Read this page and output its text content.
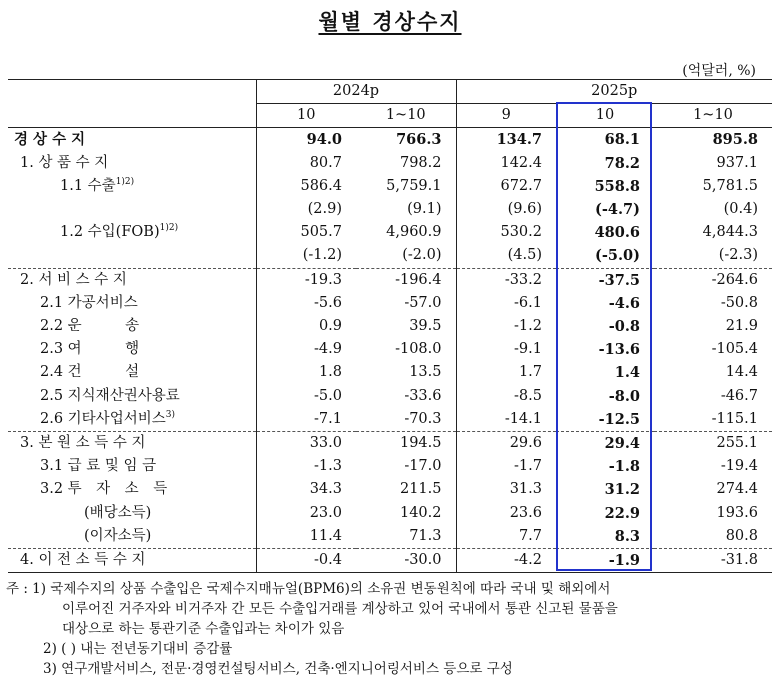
월별 경상수지
(억달러, %)
	2024p		2025p		
	10	1~10	9	10	1~10
경 상 수 지	94.0	766.3	134.7	68.1	895.8
1. 상 품 수 지	80.7	798.2	142.4	78.2	937.1
1.1 수출$^{1)2)}$	586.4	5,759.1	672.7	558.8	5,781.5
	(2.9)	(9.1)	(9.6)	(-4.7)	(0.4)
1.2 수입(FOB)$^{1)2)}$	505.7	4,960.9	530.2	480.6	4,844.3
	(-1.2)	(-2.0)	(4.5)	(-5.0)	(-2.3)
2. 서 비 스 수 지	-19.3	-196.4	-33.2	-37.5	-264.6
2.1 가공서비스	-5.6	-57.0	-6.1	-4.6	-50.8
2.2 운　　　송	0.9	39.5	-1.2	-0.8	21.9
2.3 여　　　행	-4.9	-108.0	-9.1	-13.6	-105.4
2.4 건　　　설	1.8	13.5	1.7	1.4	14.4
2.5 지식재산권사용료	-5.0	-33.6	-8.5	-8.0	-46.7
2.6 기타사업서비스$^{3)}$	-7.1	-70.3	-14.1	-12.5	-115.1
3. 본 원 소 득 수 지	33.0	194.5	29.6	29.4	255.1
3.1 급 료 및 임 금	-1.3	-17.0	-1.7	-1.8	-19.4
3.2 투　자　소　득	34.3	211.5	31.3	31.2	274.4
(배당소득)	23.0	140.2	23.6	22.9	193.6
(이자소득)	11.4	71.3	7.7	8.3	80.8
4. 이 전 소 득 수 지	-0.4	-30.0	-4.2	-1.9	-31.8
주 : 1) 국제수지의 상품 수출입은 국제수지매뉴얼(BPM6)의 소유권 변동원칙에 따라 국내 및 해외에서
이루어진 거주자와 비거주자 간 모든 수출입거래를 계상하고 있어 국내에서 통관 신고된 물품을
대상으로 하는 통관기준 수출입과는 차이가 있음
2) ( ) 내는 전년동기대비 증감률
3) 연구개발서비스, 전문·경영컨설팅서비스, 건축·엔지니어링서비스 등으로 구성
